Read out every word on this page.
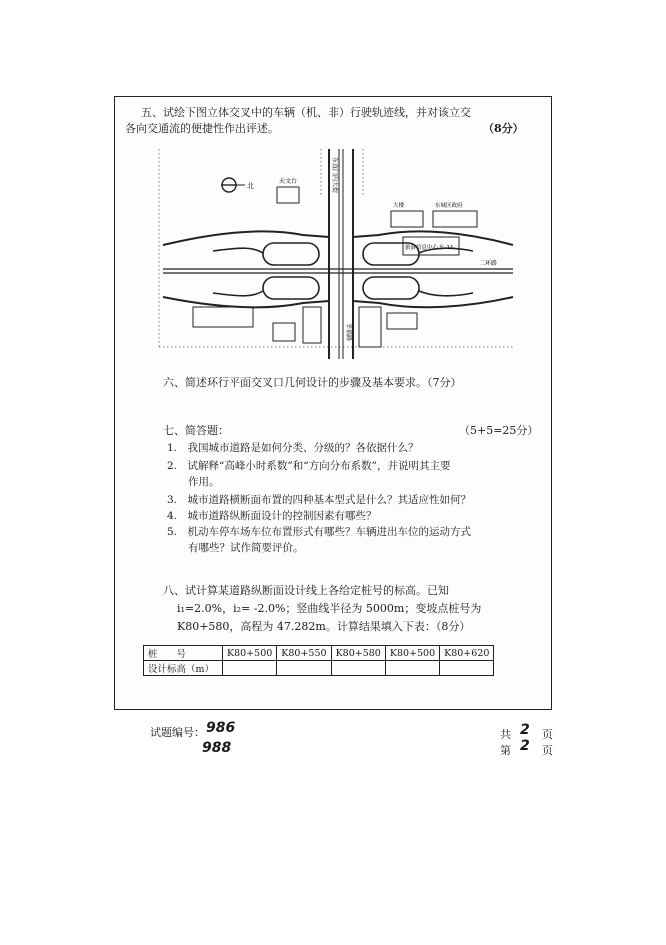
五、试绘下图立体交叉中的车辆（机、非）行驶轨迹线，并对该立交
各向交通流的便捷性作出评述。	（8分）
北
天文台	东直门内大街
幸福路
二环路
大楼	东城区政府
旅游信息中心 东-11
六、简述环行平面交叉口几何设计的步骤及基本要求。（7分）
七、简答题：	（5+5=25分）
1.　我国城市道路是如何分类、分级的？各依据什么？
2.　试解释“高峰小时系数”和“方向分布系数”，并说明其主要
　　作用。
3.　城市道路横断面布置的四种基本型式是什么？其适应性如何？
4.　城市道路纵断面设计的控制因素有哪些？
5.　机动车停车场车位布置形式有哪些？车辆进出车位的运动方式
　　有哪些？试作简要评价。
八、试计算某道路纵断面设计线上各给定桩号的标高。已知
i₁=2.0%，i₂= -2.0%；竖曲线半径为 5000m；变坡点桩号为
K80+580，高程为 47.282m。计算结果填入下表：（8分）
桩　　号	K80+500	K80+550	K80+580	K80+500	K80+620
设计标高（m）					
试题编号： 986
988
共 2 页
第 2 页
